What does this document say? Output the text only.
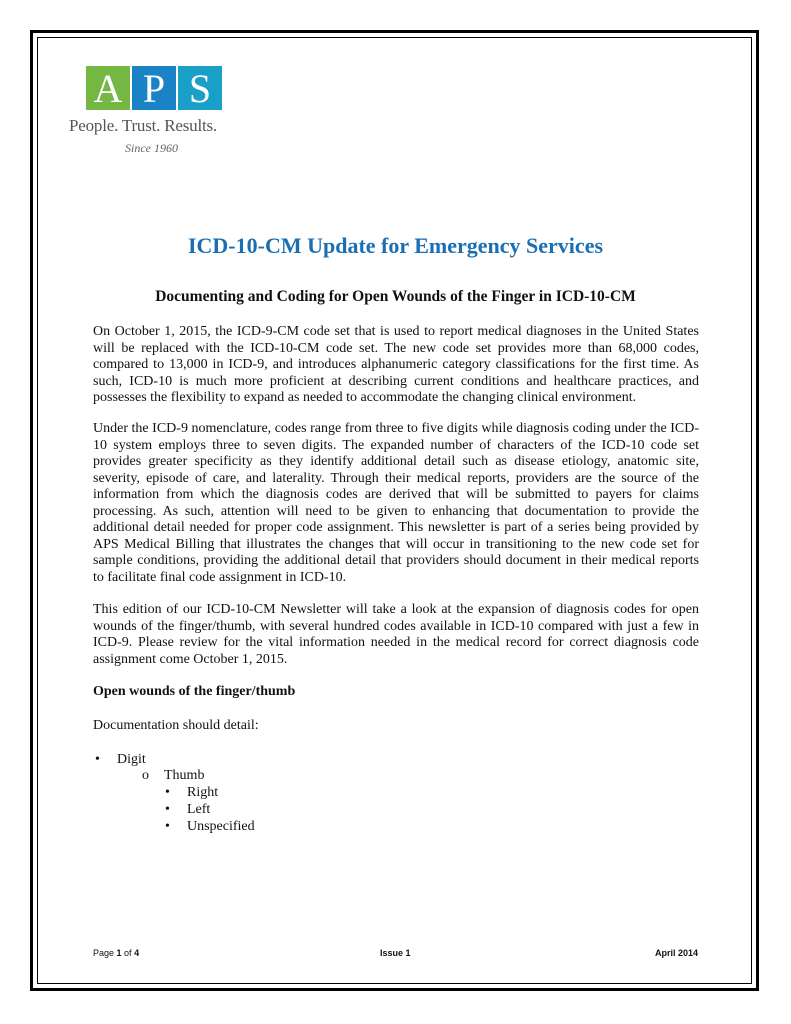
A P S
People. Trust. Results.
Since 1960
ICD-10-CM Update for Emergency Services
Documenting and Coding for Open Wounds of the Finger in ICD-10-CM

On October 1, 2015, the ICD-9-CM code set that is used to report medical diagnoses in the United States will be replaced with the ICD-10-CM code set. The new code set provides more than 68,000 codes, compared to 13,000 in ICD-9, and introduces alphanumeric category classifications for the first time. As such, ICD-10 is much more proficient at describing current conditions and healthcare practices, and possesses the flexibility to expand as needed to accommodate the changing clinical environment.

Under the ICD-9 nomenclature, codes range from three to five digits while diagnosis coding under the ICD-10 system employs three to seven digits. The expanded number of characters of the ICD-10 code set provides greater specificity as they identify additional detail such as disease etiology, anatomic site, severity, episode of care, and laterality. Through their medical reports, providers are the source of the information from which the diagnosis codes are derived that will be submitted to payers for claims processing. As such, attention will need to be given to enhancing that documentation to provide the additional detail needed for proper code assignment. This newsletter is part of a series being provided by APS Medical Billing that illustrates the changes that will occur in transitioning to the new code set for sample conditions, providing the additional detail that providers should document in their medical reports to facilitate final code assignment in ICD-10.

This edition of our ICD-10-CM Newsletter will take a look at the expansion of diagnosis codes for open wounds of the finger/thumb, with several hundred codes available in ICD-10 compared with just a few in ICD-9. Please review for the vital information needed in the medical record for correct diagnosis code assignment come October 1, 2015.

Open wounds of the finger/thumb

Documentation should detail:

• Digit
o Thumb
• Right
• Left
• Unspecified
Page 1 of 4	Issue 1	April 2014
